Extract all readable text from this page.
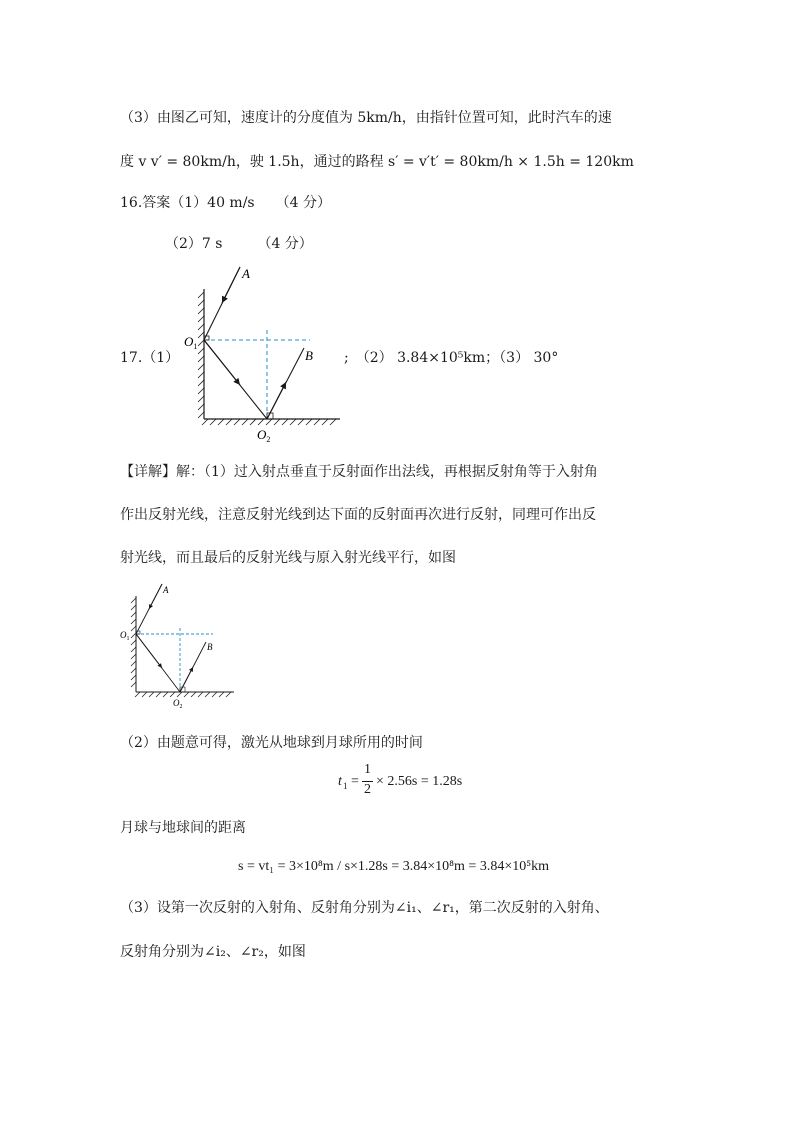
（3）由图乙可知，速度计的分度值为 5km/h，由指针位置可知，此时汽车的速
度 v v′ = 80km/h，驶 1.5h，通过的路程 s′ = v′t′ = 80km/h × 1.5h = 120km
16.答案（1）40 m/s　　（4 分）
（2）7 s　　　（4 分）
17.（1）
A
B
$O_1$
$O_2$
;　（2） 3.84×10⁵km；（3） 30°
【详解】解：（1）过入射点垂直于反射面作出法线，再根据反射角等于入射角
作出反射光线，注意反射光线到达下面的反射面再次进行反射，同理可作出反
射光线，而且最后的反射光线与原入射光线平行，如图
A
B
$O_1$
$O_2$
（2）由题意可得，激光从地球到月球所用的时间
t 1 =
1
2
× 2.56s = 1.28s
月球与地球间的距离
s = vt₁ = 3×10⁸m / s×1.28s = 3.84×10⁸m = 3.84×10⁵km
（3）设第一次反射的入射角、反射角分别为∠i₁、∠r₁，第二次反射的入射角、
反射角分别为∠i₂、∠r₂，如图
